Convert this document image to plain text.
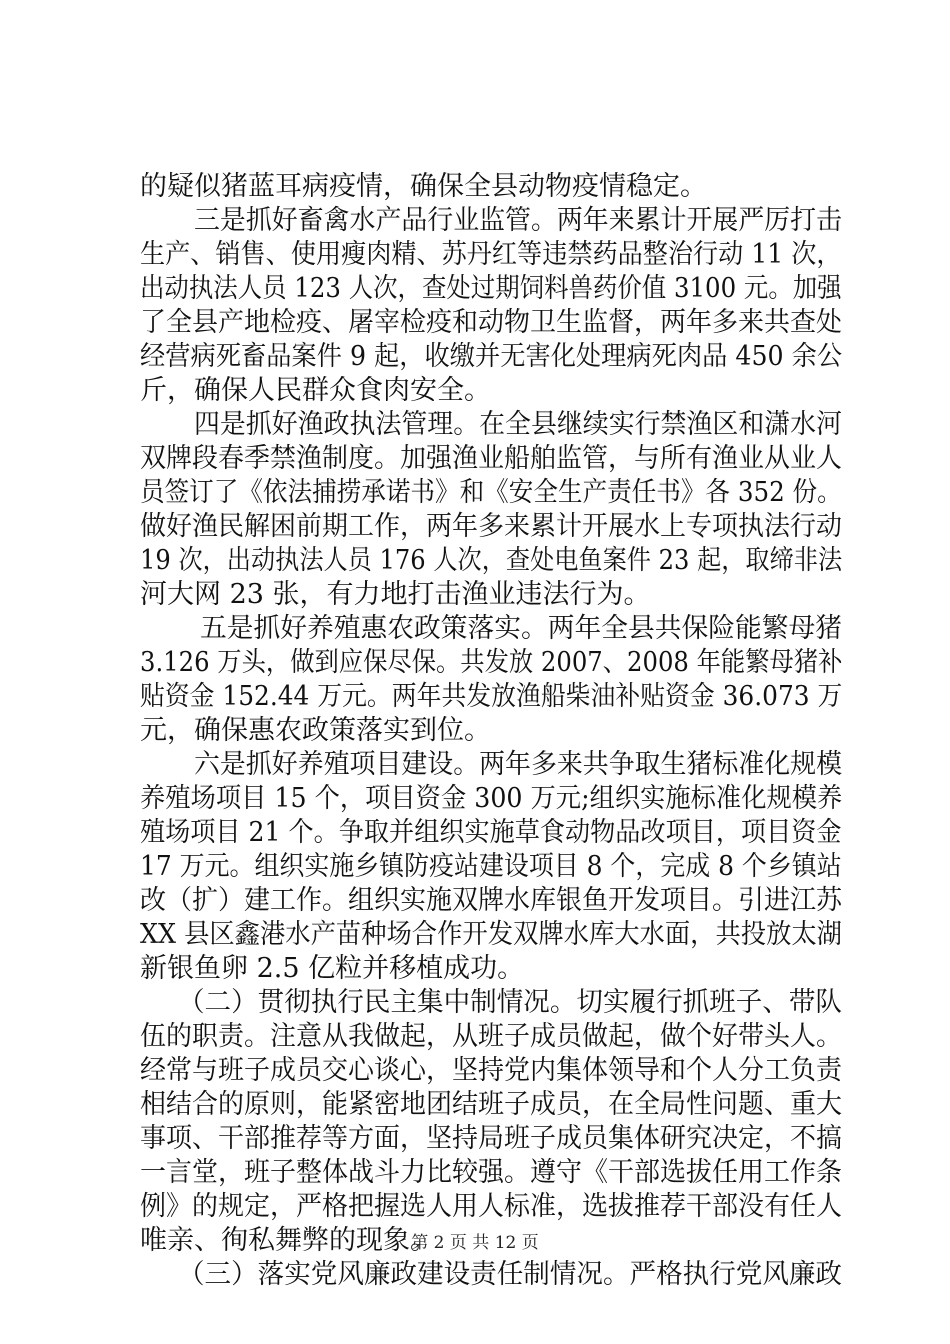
的疑似猪蓝耳病疫情，确保全县动物疫情稳定。
三是抓好畜禽水产品行业监管。两年来累计开展严厉打击
生产、销售、使用瘦肉精、苏丹红等违禁药品整治行动 11 次，
出动执法人员 123 人次，查处过期饲料兽药价值 3100 元。加强
了全县产地检疫、屠宰检疫和动物卫生监督，两年多来共查处
经营病死畜品案件 9 起，收缴并无害化处理病死肉品 450 余公
斤，确保人民群众食肉安全。
四是抓好渔政执法管理。在全县继续实行禁渔区和潇水河
双牌段春季禁渔制度。加强渔业船舶监管，与所有渔业从业人
员签订了《依法捕捞承诺书》和《安全生产责任书》各 352 份。
做好渔民解困前期工作，两年多来累计开展水上专项执法行动
19 次，出动执法人员 176 人次，查处电鱼案件 23 起，取缔非法
河大网 23 张，有力地打击渔业违法行为。
五是抓好养殖惠农政策落实。两年全县共保险能繁母猪
3.126 万头，做到应保尽保。共发放 2007、2008 年能繁母猪补
贴资金 152.44 万元。两年共发放渔船柴油补贴资金 36.073 万
元，确保惠农政策落实到位。
六是抓好养殖项目建设。两年多来共争取生猪标准化规模
养殖场项目 15 个，项目资金 300 万元;组织实施标准化规模养
殖场项目 21 个。争取并组织实施草食动物品改项目，项目资金
17 万元。组织实施乡镇防疫站建设项目 8 个，完成 8 个乡镇站
改（扩）建工作。组织实施双牌水库银鱼开发项目。引进江苏
XX 县区鑫港水产苗种场合作开发双牌水库大水面，共投放太湖
新银鱼卵 2.5 亿粒并移植成功。
（二）贯彻执行民主集中制情况。切实履行抓班子、带队
伍的职责。注意从我做起，从班子成员做起，做个好带头人。
经常与班子成员交心谈心，坚持党内集体领导和个人分工负责
相结合的原则，能紧密地团结班子成员，在全局性问题、重大
事项、干部推荐等方面，坚持局班子成员集体研究决定，不搞
一言堂，班子整体战斗力比较强。遵守《干部选拔任用工作条
例》的规定，严格把握选人用人标准，选拔推荐干部没有任人
唯亲、徇私舞弊的现象。
（三）落实党风廉政建设责任制情况。严格执行党风廉政
第 2 页 共 12 页
